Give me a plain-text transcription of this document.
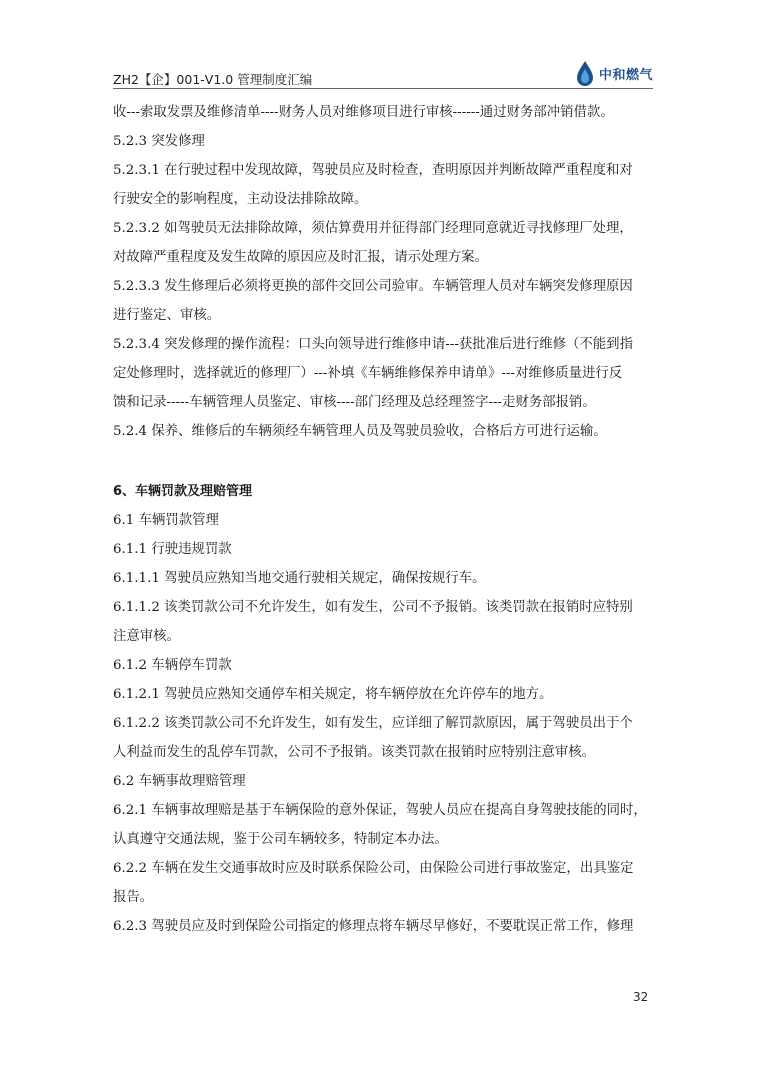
ZH2【企】001-V1.0 管理制度汇编	中和燃气
收---索取发票及维修清单----财务人员对维修项目进行审核------通过财务部冲销借款。
5.2.3 突发修理
5.2.3.1 在行驶过程中发现故障，驾驶员应及时检查，查明原因并判断故障严重程度和对
行驶安全的影响程度，主动设法排除故障。
5.2.3.2 如驾驶员无法排除故障，须估算费用并征得部门经理同意就近寻找修理厂处理，
对故障严重程度及发生故障的原因应及时汇报，请示处理方案。
5.2.3.3 发生修理后必须将更换的部件交回公司验审。车辆管理人员对车辆突发修理原因
进行鉴定、审核。
5.2.3.4 突发修理的操作流程：口头向领导进行维修申请---获批准后进行维修（不能到指
定处修理时，选择就近的修理厂）---补填《车辆维修保养申请单》---对维修质量进行反
馈和记录-----车辆管理人员鉴定、审核----部门经理及总经理签字---走财务部报销。
5.2.4 保养、维修后的车辆须经车辆管理人员及驾驶员验收，合格后方可进行运输。
6、车辆罚款及理赔管理
6.1 车辆罚款管理
6.1.1 行驶违规罚款
6.1.1.1 驾驶员应熟知当地交通行驶相关规定，确保按规行车。
6.1.1.2 该类罚款公司不允许发生，如有发生，公司不予报销。该类罚款在报销时应特别
注意审核。
6.1.2 车辆停车罚款
6.1.2.1 驾驶员应熟知交通停车相关规定，将车辆停放在允许停车的地方。
6.1.2.2 该类罚款公司不允许发生，如有发生，应详细了解罚款原因，属于驾驶员出于个
人利益而发生的乱停车罚款，公司不予报销。该类罚款在报销时应特别注意审核。
6.2 车辆事故理赔管理
6.2.1 车辆事故理赔是基于车辆保险的意外保证，驾驶人员应在提高自身驾驶技能的同时，
认真遵守交通法规，鉴于公司车辆较多，特制定本办法。
6.2.2 车辆在发生交通事故时应及时联系保险公司，由保险公司进行事故鉴定，出具鉴定
报告。
6.2.3 驾驶员应及时到保险公司指定的修理点将车辆尽早修好，不要耽误正常工作，修理
32
